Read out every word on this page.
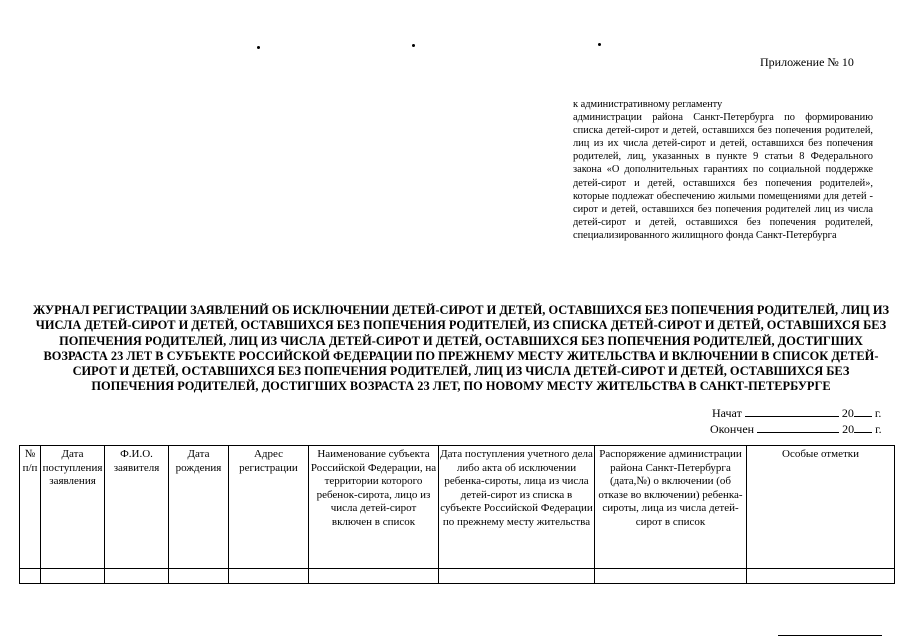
Приложение № 10
к административному регламенту
администрации района Санкт-Петербурга по формированию списка детей-сирот и детей, оставшихся без попечения родителей, лиц из их числа детей-сирот и детей, оставшихся без попечения родителей, лиц, указанных в пункте 9 статьи 8 Федерального закона «О дополнительных гарантиях по социальной поддержке детей-сирот и детей, оставшихся без попечения родителей», которые подлежат обеспечению жилыми помещениями для детей - сирот и детей, оставшихся без попечения родителей лиц из числа детей-сирот и детей, оставшихся без попечения родителей, специализированного жилищного фонда Санкт-Петербурга
ЖУРНАЛ РЕГИСТРАЦИИ ЗАЯВЛЕНИЙ ОБ ИСКЛЮЧЕНИИ ДЕТЕЙ-СИРОТ И ДЕТЕЙ, ОСТАВШИХСЯ БЕЗ ПОПЕЧЕНИЯ РОДИТЕЛЕЙ, ЛИЦ ИЗ ЧИСЛА ДЕТЕЙ-СИРОТ И ДЕТЕЙ, ОСТАВШИХСЯ БЕЗ ПОПЕЧЕНИЯ РОДИТЕЛЕЙ, ИЗ СПИСКА ДЕТЕЙ-СИРОТ И ДЕТЕЙ, ОСТАВШИХСЯ БЕЗ ПОПЕЧЕНИЯ РОДИТЕЛЕЙ, ЛИЦ ИЗ ЧИСЛА ДЕТЕЙ-СИРОТ И ДЕТЕЙ, ОСТАВШИХСЯ БЕЗ ПОПЕЧЕНИЯ РОДИТЕЛЕЙ, ДОСТИГШИХ ВОЗРАСТА 23 ЛЕТ В СУБЪЕКТЕ РОССИЙСКОЙ ФЕДЕРАЦИИ ПО ПРЕЖНЕМУ МЕСТУ ЖИТЕЛЬСТВА И ВКЛЮЧЕНИИ В СПИСОК ДЕТЕЙ-СИРОТ И ДЕТЕЙ, ОСТАВШИХСЯ БЕЗ ПОПЕЧЕНИЯ РОДИТЕЛЕЙ, ЛИЦ ИЗ ЧИСЛА ДЕТЕЙ-СИРОТ И ДЕТЕЙ, ОСТАВШИХСЯ БЕЗ ПОПЕЧЕНИЯ РОДИТЕЛЕЙ, ДОСТИГШИХ ВОЗРАСТА 23 ЛЕТ, ПО НОВОМУ МЕСТУ ЖИТЕЛЬСТВА В САНКТ-ПЕТЕРБУРГЕ
Начат	20 г.
Окончен	20 г.
№ п/п	Дата поступления заявления	Ф.И.О. заявителя	Дата рождения	Адрес регистрации	Наименование субъекта Российской Федерации, на территории которого ребенок-сирота, лицо из числа детей-сирот включен в список	Дата поступления учетного дела либо акта об исключении ребенка-сироты, лица из числа детей-сирот из списка в субъекте Российской Федерации по прежнему месту жительства	Распоряжение администрации района Санкт-Петербурга (дата,№) о включении (об отказе во включении) ребенка-сироты, лица из числа детей-сирот в список	Особые отметки
